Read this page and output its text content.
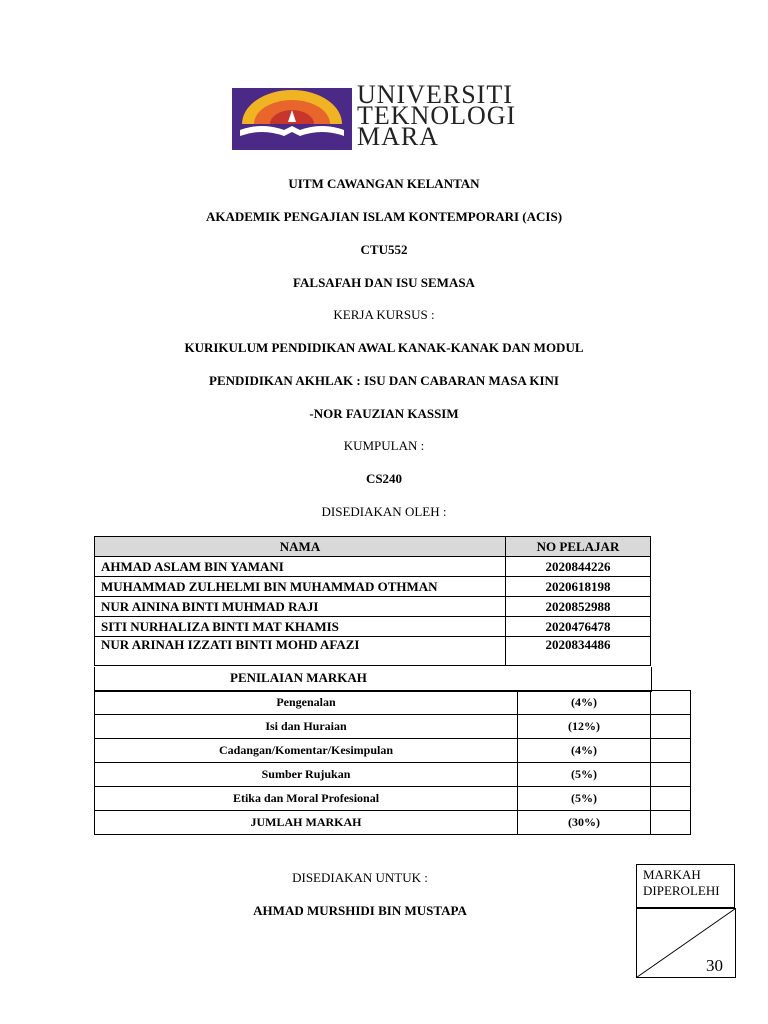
UNIVERSITI
TEKNOLOGI
MARA
UITM CAWANGAN KELANTAN
AKADEMIK PENGAJIAN ISLAM KONTEMPORARI (ACIS)
CTU552
FALSAFAH DAN ISU SEMASA
KERJA KURSUS :
KURIKULUM PENDIDIKAN AWAL KANAK-KANAK DAN MODUL
PENDIDIKAN AKHLAK : ISU DAN CABARAN MASA KINI
-NOR FAUZIAN KASSIM
KUMPULAN :
CS240
DISEDIAKAN OLEH :
NAMA	NO PELAJAR
AHMAD ASLAM BIN YAMANI	2020844226
MUHAMMAD ZULHELMI BIN MUHAMMAD OTHMAN	2020618198
NUR AININA BINTI MUHMAD RAJI	2020852988
SITI NURHALIZA BINTI MAT KHAMIS	2020476478
NUR ARINAH IZZATI BINTI MOHD AFAZI	2020834486
PENILAIAN MARKAH
Pengenalan	(4%)	
Isi dan Huraian	(12%)	
Cadangan/Komentar/Kesimpulan	(4%)	
Sumber Rujukan	(5%)	
Etika dan Moral Profesional	(5%)	
JUMLAH MARKAH	(30%)	
DISEDIAKAN UNTUK :
AHMAD MURSHIDI BIN MUSTAPA
MARKAH
DIPEROLEHI
30
